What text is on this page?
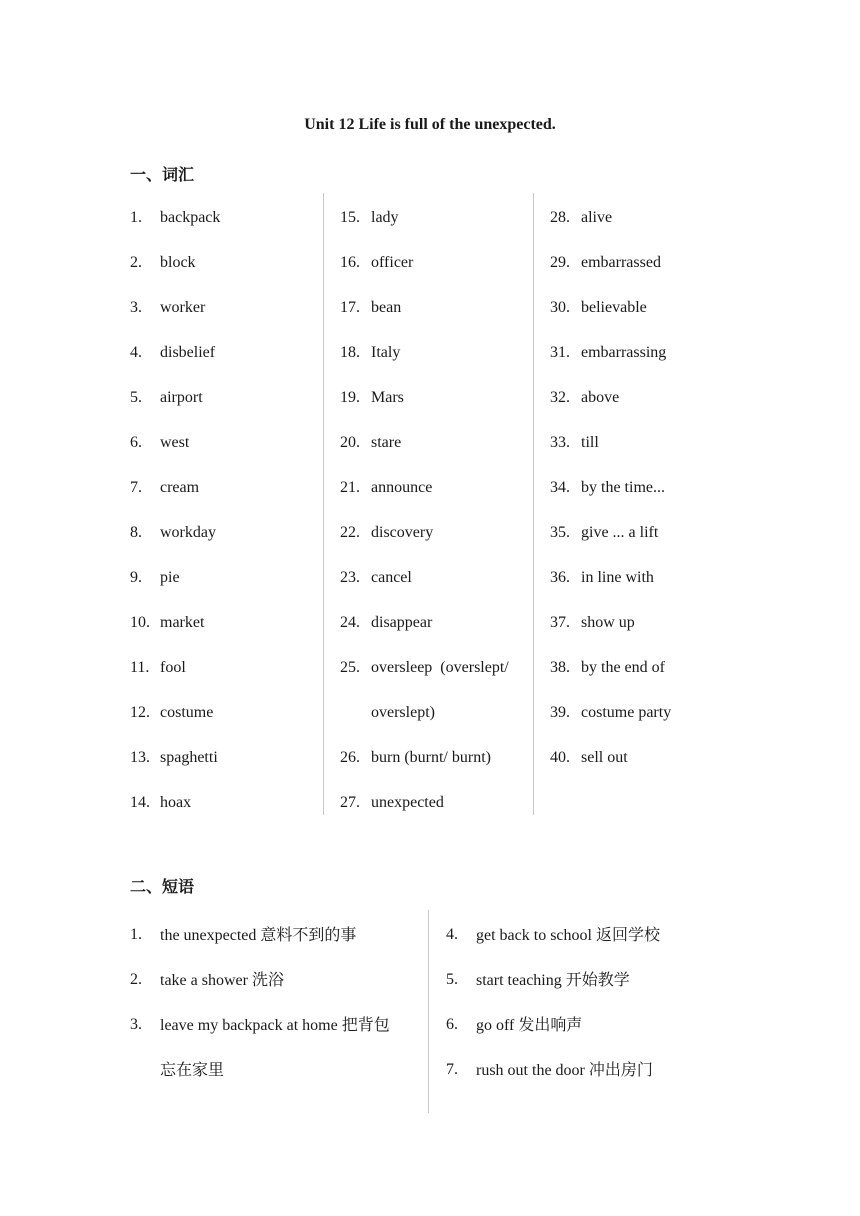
Unit 12 Life is full of the unexpected.
一、词汇
1. backpack
2. block
3. worker
4. disbelief
5. airport
6. west
7. cream
8. workday
9. pie
10. market
11. fool
12. costume
13. spaghetti
14. hoax
15. lady
16. officer
17. bean
18. Italy
19. Mars
20. stare
21. announce
22. discovery
23. cancel
24. disappear
25. oversleep  (overslept/
overslept)
26. burn (burnt/ burnt)
27. unexpected
28. alive
29. embarrassed
30. believable
31. embarrassing
32. above
33. till
34. by the time...
35. give ... a lift
36. in line with
37. show up
38. by the end of
39. costume party
40. sell out
二、短语
1. the unexpected 意料不到的事
2. take a shower 洗浴
3. leave my backpack at home 把背包
忘在家里
4. get back to school 返回学校
5. start teaching 开始教学
6. go off 发出响声
7. rush out the door 冲出房门
